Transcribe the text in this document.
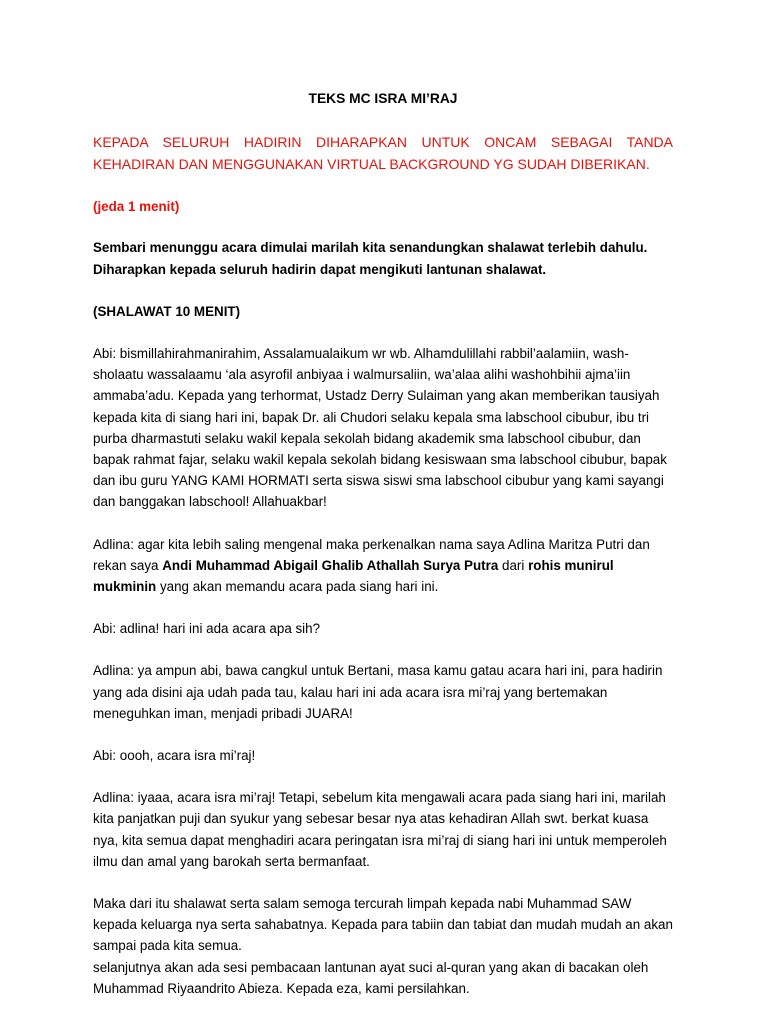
TEKS MC ISRA MI’RAJ
KEPADA SELURUH HADIRIN DIHARAPKAN UNTUK ONCAM SEBAGAI TANDA KEHADIRAN DAN MENGGUNAKAN VIRTUAL BACKGROUND YG SUDAH DIBERIKAN.
(jeda 1 menit)
Sembari menunggu acara dimulai marilah kita senandungkan shalawat terlebih dahulu.
Diharapkan kepada seluruh hadirin dapat mengikuti lantunan shalawat.
(SHALAWAT 10 MENIT)
Abi: bismillahirahmanirahim, Assalamualaikum wr wb. Alhamdulillahi rabbil’aalamiin, wash-sholaatu wassalaamu ‘ala asyrofil anbiyaa i walmursaliin, wa’alaa alihi washohbihii ajma’iin ammaba’adu. Kepada yang terhormat, Ustadz Derry Sulaiman yang akan memberikan tausiyah kepada kita di siang hari ini, bapak Dr. ali Chudori selaku kepala sma labschool cibubur, ibu tri purba dharmastuti selaku wakil kepala sekolah bidang akademik sma labschool cibubur, dan bapak rahmat fajar, selaku wakil kepala sekolah bidang kesiswaan sma labschool cibubur, bapak dan ibu guru YANG KAMI HORMATI serta siswa siswi sma labschool cibubur yang kami sayangi dan banggakan labschool! Allahuakbar!
Adlina: agar kita lebih saling mengenal maka perkenalkan nama saya Adlina Maritza Putri dan rekan saya Andi Muhammad Abigail Ghalib Athallah Surya Putra dari rohis munirul mukminin yang akan memandu acara pada siang hari ini.
Abi: adlina! hari ini ada acara apa sih?
Adlina: ya ampun abi, bawa cangkul untuk Bertani, masa kamu gatau acara hari ini, para hadirin yang ada disini aja udah pada tau, kalau hari ini ada acara isra mi’raj yang bertemakan meneguhkan iman, menjadi pribadi JUARA!
Abi: oooh, acara isra mi’raj!
Adlina: iyaaa, acara isra mi’raj! Tetapi, sebelum kita mengawali acara pada siang hari ini, marilah kita panjatkan puji dan syukur yang sebesar besar nya atas kehadiran Allah swt. berkat kuasa nya, kita semua dapat menghadiri acara peringatan isra mi’raj di siang hari ini untuk memperoleh ilmu dan amal yang barokah serta bermanfaat.
Maka dari itu shalawat serta salam semoga tercurah limpah kepada nabi Muhammad SAW kepada keluarga nya serta sahabatnya. Kepada para tabiin dan tabiat dan mudah mudah an akan sampai pada kita semua.
selanjutnya akan ada sesi pembacaan lantunan ayat suci al-quran yang akan di bacakan oleh Muhammad Riyaandrito Abieza. Kepada eza, kami persilahkan.
